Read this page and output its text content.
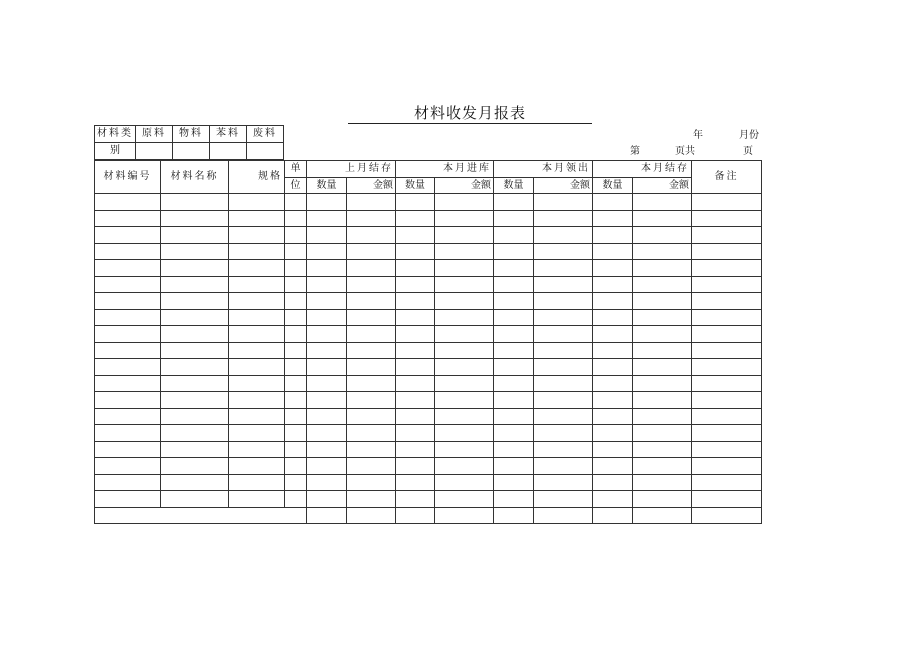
材料收发月报表
材料类	原料	物料	苯料	废料
别				
年	月份
第	页共	页
材料编号	材料名称	规格	单	上月结存		本月进库		本月领出		本月结存		备注
			位	数量	金额	数量	金额	数量	金额	数量	金额	
